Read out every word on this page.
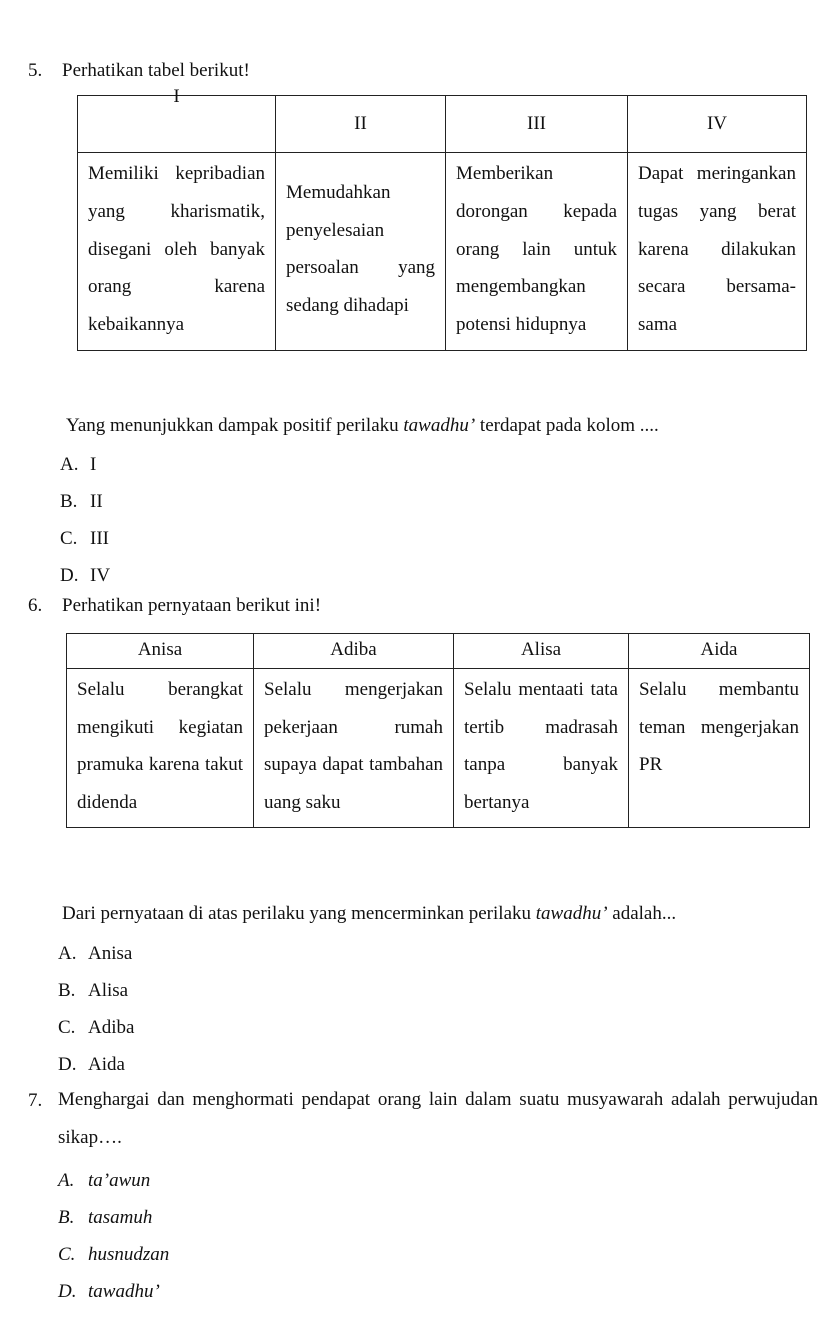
5. Perhatikan tabel berikut!
I	II	III	IV

Memiliki kepribadian yang kharismatik, disegani oleh banyak orang karena kebaikannya	Memudahkan penyelesaian persoalan yang sedang dihadapi	Memberikan dorongan kepada orang lain untuk mengembangkan potensi hidupnya	Dapat meringankan tugas yang berat karena dilakukan secara bersama-sama

Yang menunjukkan dampak positif perilaku tawadhu’ terdapat pada kolom ....

A. I
B. II
C. III
D. IV
6. Perhatikan pernyataan berikut ini!
Anisa	Adiba	Alisa	Aida

Selalu berangkat mengikuti kegiatan pramuka karena takut didenda	Selalu mengerjakan pekerjaan rumah supaya dapat tambahan uang saku	Selalu mentaati tata tertib madrasah tanpa banyak bertanya	Selalu membantu teman mengerjakan PR

Dari pernyataan di atas perilaku yang mencerminkan perilaku tawadhu’ adalah...

A. Anisa
B. Alisa
C. Adiba
D. Aida
7. Menghargai dan menghormati pendapat orang lain dalam suatu musyawarah adalah perwujudan sikap….
A. ta’awun
B. tasamuh
C. husnudzan
D. tawadhu’
